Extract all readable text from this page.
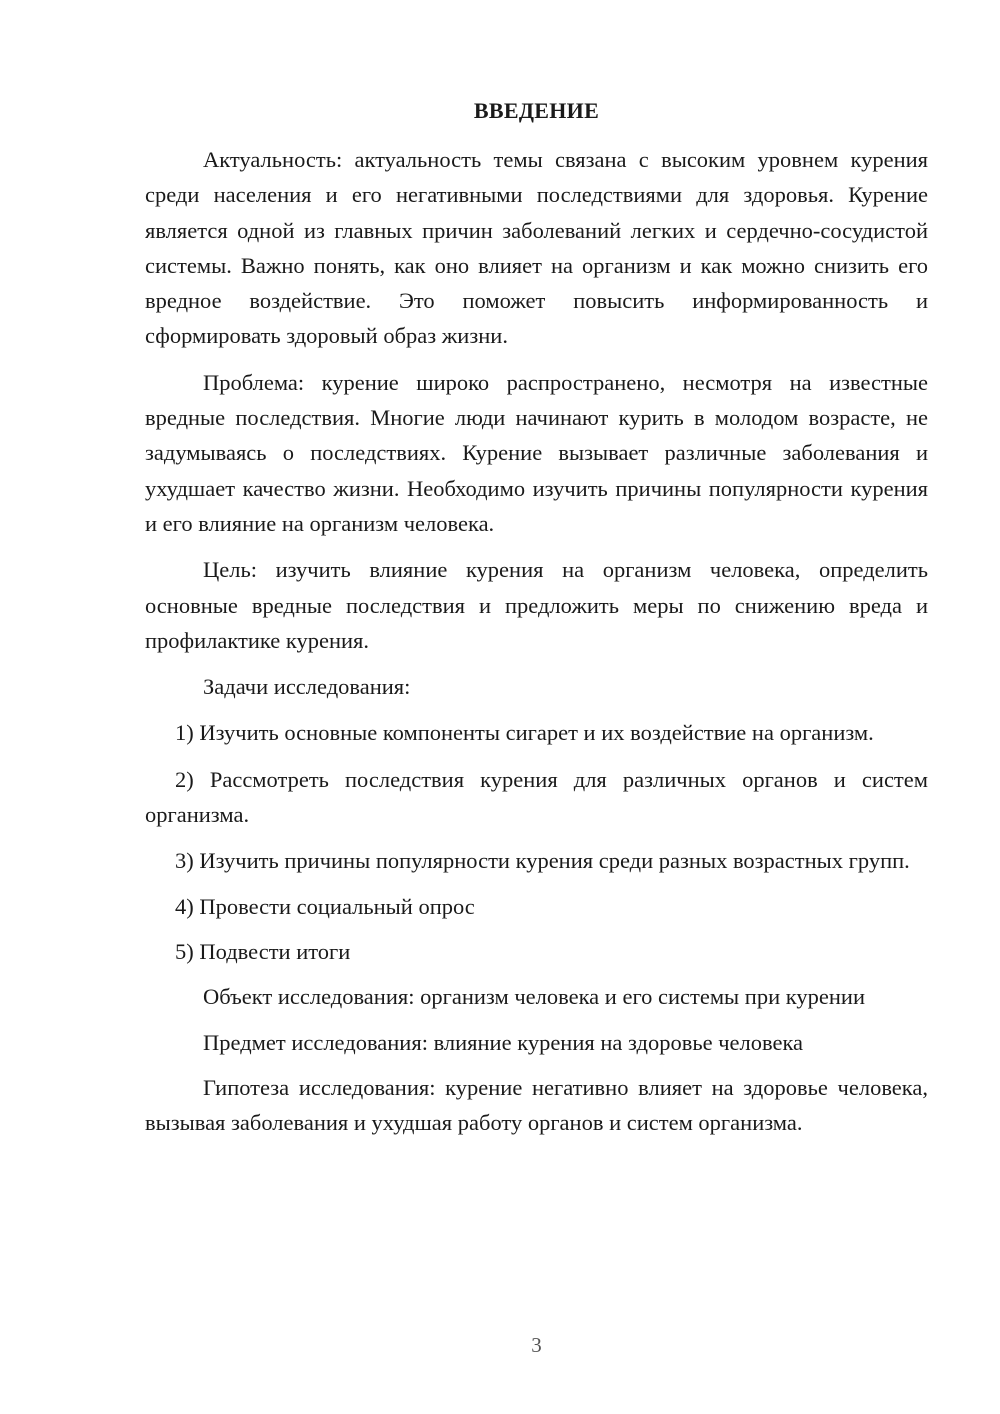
ВВЕДЕНИЕ

Актуальность: актуальность темы связана с высоким уровнем курения среди населения и его негативными последствиями для здоровья. Курение является одной из главных причин заболеваний легких и сердечно-сосудистой системы. Важно понять, как оно влияет на организм и как можно снизить его вредное воздействие. Это поможет повысить информированность и сформировать здоровый образ жизни.

Проблема: курение широко распространено, несмотря на известные вредные последствия. Многие люди начинают курить в молодом возрасте, не задумываясь о последствиях. Курение вызывает различные заболевания и ухудшает качество жизни. Необходимо изучить причины популярности курения и его влияние на организм человека.

Цель: изучить влияние курения на организм человека, определить основные вредные последствия и предложить меры по снижению вреда и профилактике курения.

Задачи исследования:

1) Изучить основные компоненты сигарет и их воздействие на организм.

2) Рассмотреть последствия курения для различных органов и систем организма.

3) Изучить причины популярности курения среди разных возрастных групп.

4) Провести социальный опрос

5) Подвести итоги

Объект исследования: организм человека и его системы при курении

Предмет исследования: влияние курения на здоровье человека

Гипотеза исследования: курение негативно влияет на здоровье человека, вызывая заболевания и ухудшая работу органов и систем организма.

3
